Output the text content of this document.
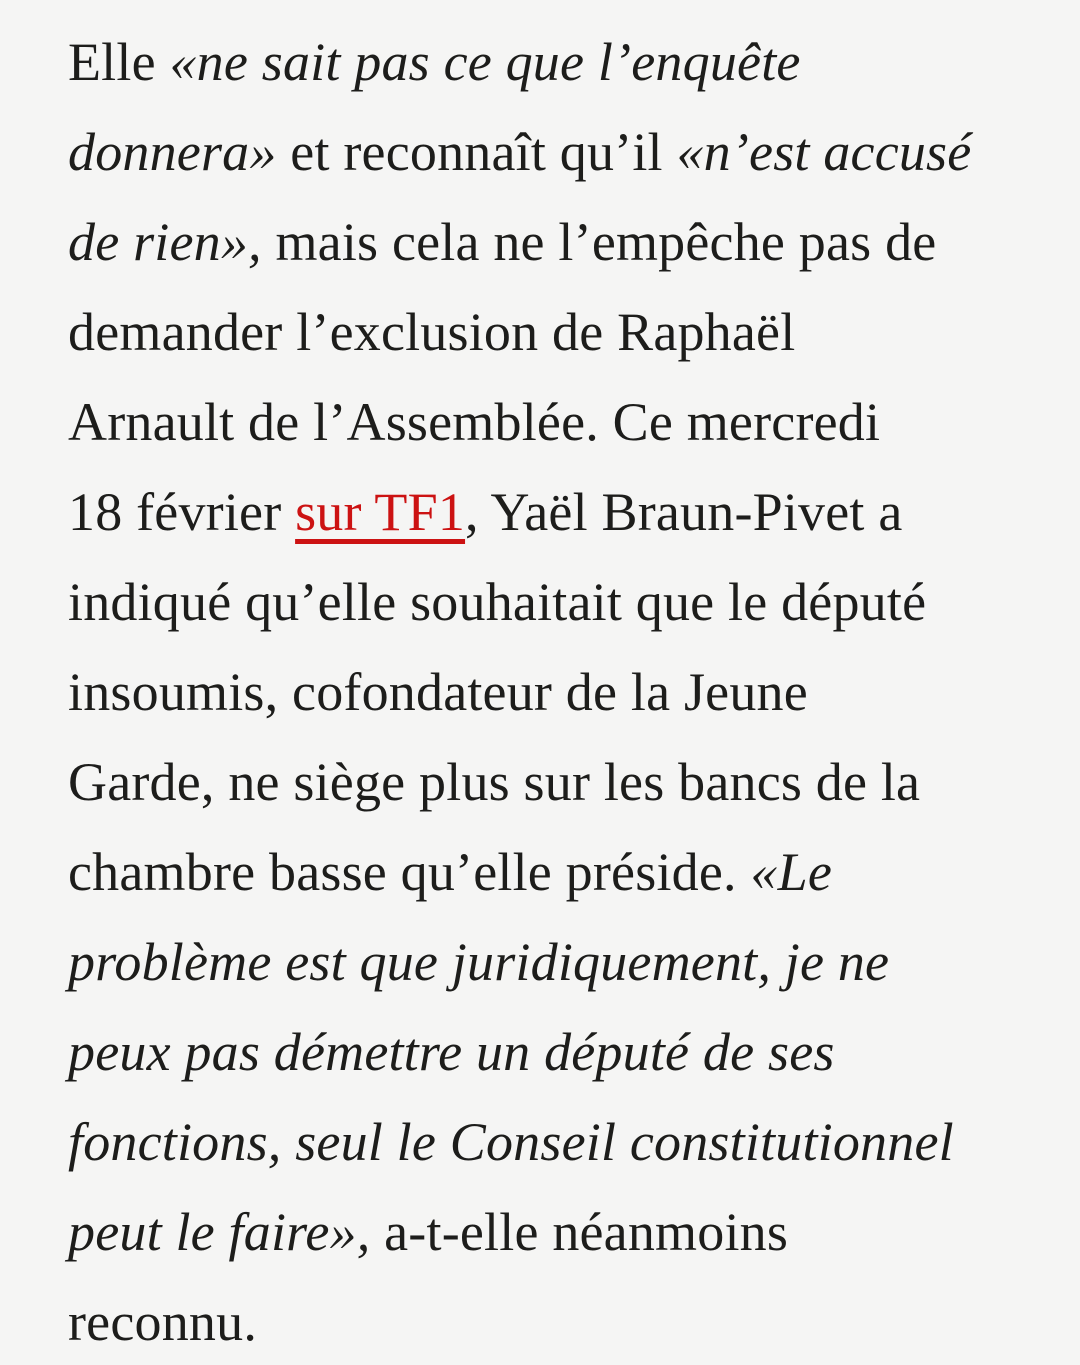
Elle «ne sait pas ce que l’enquête
donnera» et reconnaît qu’il «n’est accusé
de rien», mais cela ne l’empêche pas de
demander l’exclusion de Raphaël
Arnault de l’Assemblée. Ce mercredi
18 février sur TF1, Yaël Braun-Pivet a
indiqué qu’elle souhaitait que le député
insoumis, cofondateur de la Jeune
Garde, ne siège plus sur les bancs de la
chambre basse qu’elle préside. «Le
problème est que juridiquement, je ne
peux pas démettre un député de ses
fonctions, seul le Conseil constitutionnel
peut le faire», a-t-elle néanmoins
reconnu.
